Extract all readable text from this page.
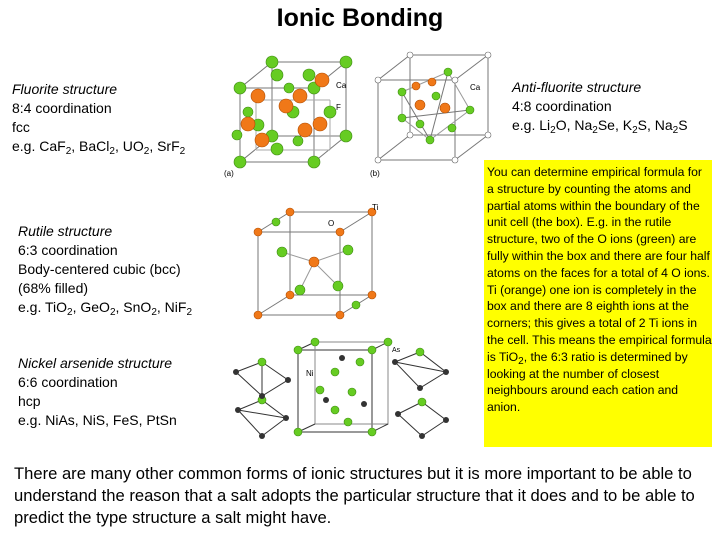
Ionic Bonding
Fluorite structure
8:4 coordination
fcc
e.g. CaF$_2$, BaCl$_2$, $UO_2$, SrF$_2$
Anti-fluorite structure
4:8 coordination
e.g. $Li_2O$, $Na_2Se$, $K_2S$, $Na_2S$
Rutile structure
6:3 coordination
Body-centered cubic (bcc)
(68% filled)
e.g. TiO$_2$, GeO$_2$, SnO$_2$, NiF$_2$
Nickel arsenide structure
6:6 coordination
hcp
e.g. NiAs, NiS, FeS, PtSn
You can determine empirical formula for a structure by counting the atoms and partial atoms within the boundary of the unit cell (the box). E.g. in the rutile structure, two of the O ions (green) are fully within the box and there are four half atoms on the faces for a total of 4 O ions. Ti (orange) one ion is completely in the box and there are 8 eighth ions at the corners; this gives a total of 2 Ti ions in the cell. This means the empirical formula is TiO$_2$, the 6:3 ratio is determined by looking at the number of closest neighbours around each cation and anion.
There are many other common forms of ionic structures but it is more important to be able to understand the reason that a salt adopts the particular structure that it does and to be able to predict the type structure a salt might have.
Ca
F
(a)
Ca
(b)
O
Ti
Ni
As
